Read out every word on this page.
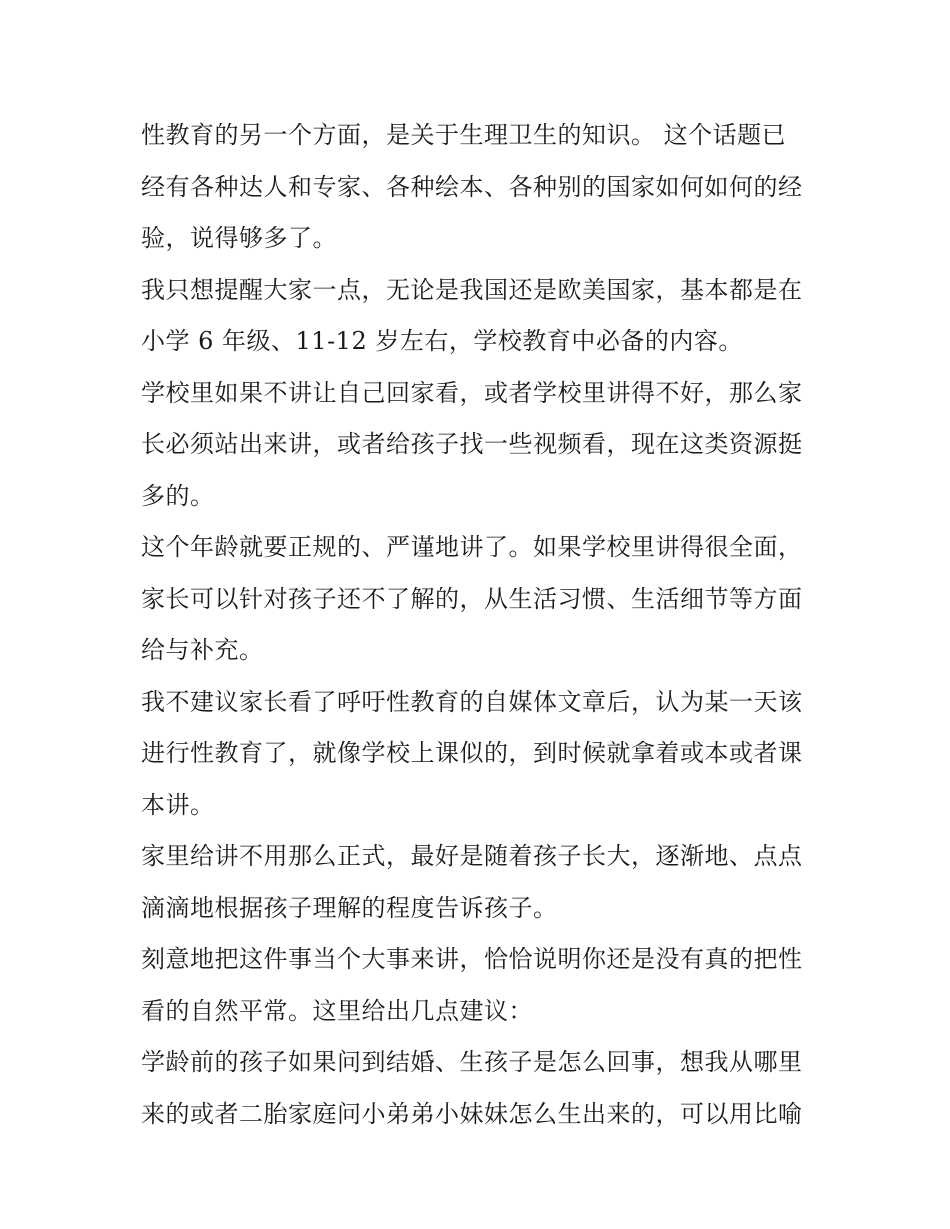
性教育的另一个方面，是关于生理卫生的知识。 这个话题已
经有各种达人和专家、各种绘本、各种别的国家如何如何的经
验，说得够多了。

我只想提醒大家一点，无论是我国还是欧美国家，基本都是在
小学 6 年级、11-12 岁左右，学校教育中必备的内容。

学校里如果不讲让自己回家看，或者学校里讲得不好，那么家
长必须站出来讲，或者给孩子找一些视频看，现在这类资源挺
多的。

这个年龄就要正规的、严谨地讲了。如果学校里讲得很全面，
家长可以针对孩子还不了解的，从生活习惯、生活细节等方面
给与补充。

我不建议家长看了呼吁性教育的自媒体文章后，认为某一天该
进行性教育了，就像学校上课似的，到时候就拿着或本或者课
本讲。

家里给讲不用那么正式，最好是随着孩子长大，逐渐地、点点
滴滴地根据孩子理解的程度告诉孩子。

刻意地把这件事当个大事来讲，恰恰说明你还是没有真的把性
看的自然平常。这里给出几点建议：

学龄前的孩子如果问到结婚、生孩子是怎么回事，想我从哪里
来的或者二胎家庭问小弟弟小妹妹怎么生出来的，可以用比喻
